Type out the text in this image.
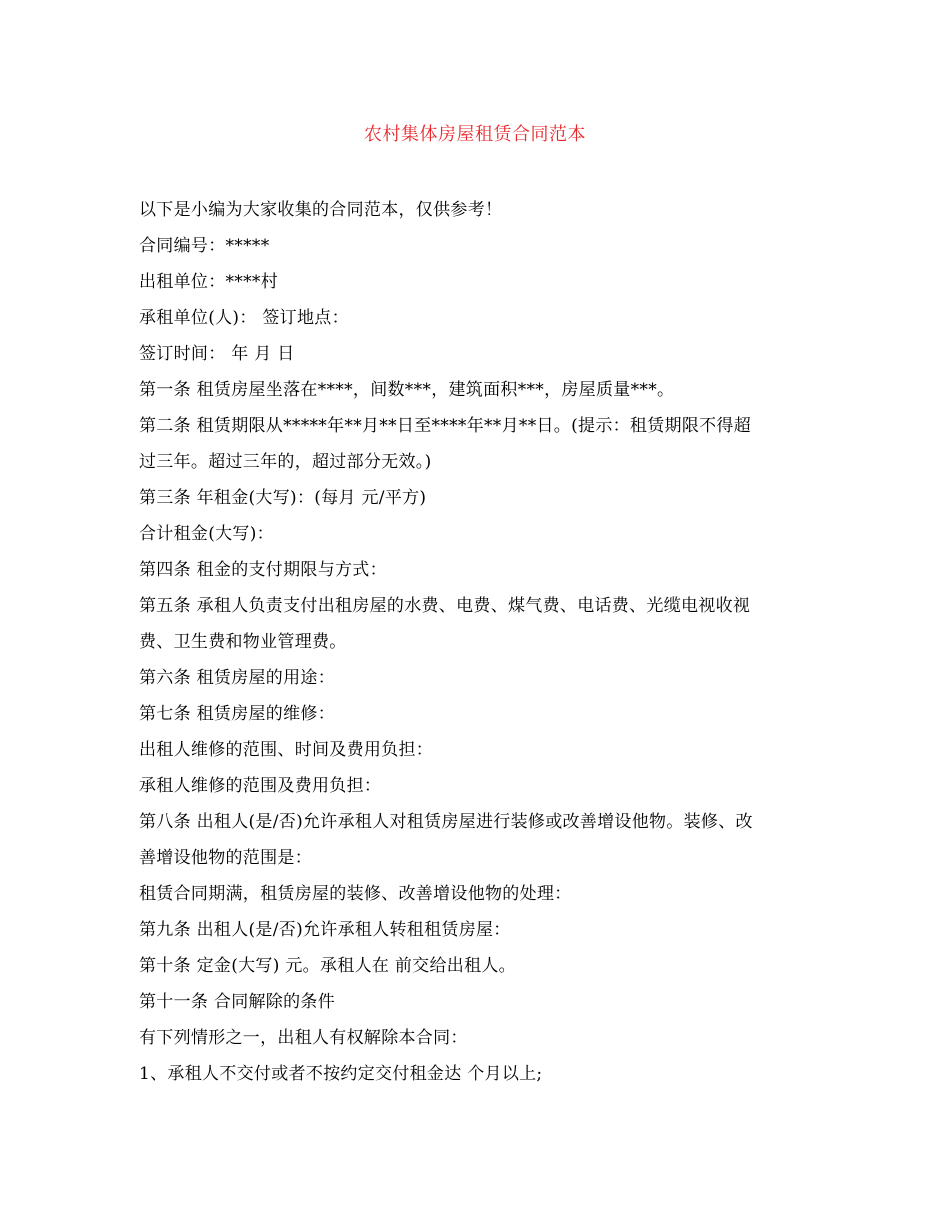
农村集体房屋租赁合同范本
以下是小编为大家收集的合同范本，仅供参考！
合同编号：*****
出租单位：****村
承租单位(人)： 签订地点：
签订时间： 年 月 日
第一条 租赁房屋坐落在****，间数***，建筑面积***，房屋质量***。
第二条 租赁期限从*****年**月**日至****年**月**日。(提示：租赁期限不得超
过三年。超过三年的，超过部分无效。)
第三条 年租金(大写)：(每月 元/平方)
合计租金(大写)：
第四条 租金的支付期限与方式：
第五条 承租人负责支付出租房屋的水费、电费、煤气费、电话费、光缆电视收视
费、卫生费和物业管理费。
第六条 租赁房屋的用途：
第七条 租赁房屋的维修：
出租人维修的范围、时间及费用负担：
承租人维修的范围及费用负担：
第八条 出租人(是/否)允许承租人对租赁房屋进行装修或改善增设他物。装修、改
善增设他物的范围是：
租赁合同期满，租赁房屋的装修、改善增设他物的处理：
第九条 出租人(是/否)允许承租人转租租赁房屋：
第十条 定金(大写) 元。承租人在 前交给出租人。
第十一条 合同解除的条件
有下列情形之一，出租人有权解除本合同：
1、承租人不交付或者不按约定交付租金达 个月以上;
